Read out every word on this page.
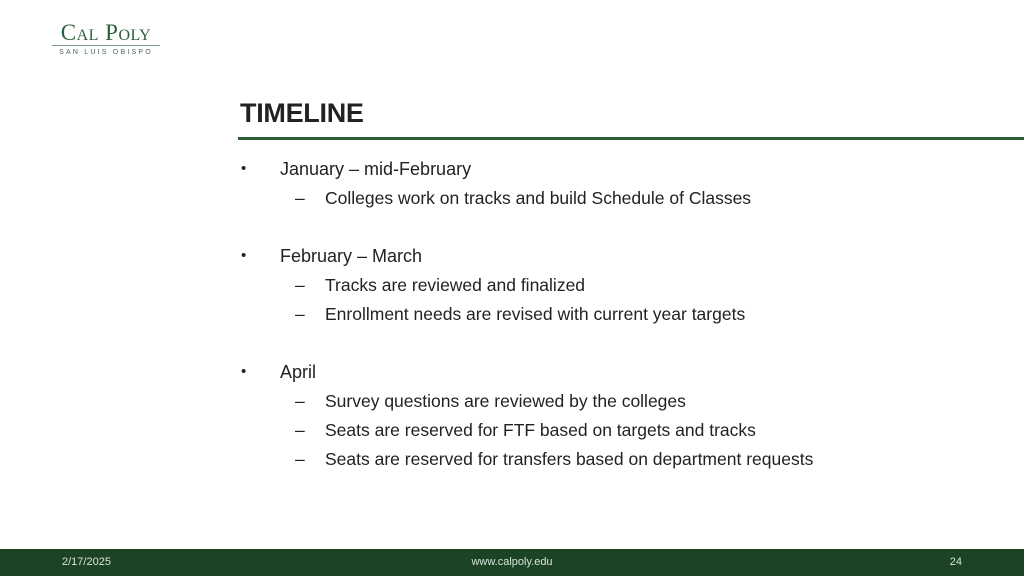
Cal Poly
SAN LUIS OBISPO
TIMELINE
• January – mid-February
– Colleges work on tracks and build Schedule of Classes
• February – March
– Tracks are reviewed and finalized
– Enrollment needs are revised with current year targets
• April
– Survey questions are reviewed by the colleges
– Seats are reserved for FTF based on targets and tracks
– Seats are reserved for transfers based on department requests
2/17/2025	www.calpoly.edu	24
